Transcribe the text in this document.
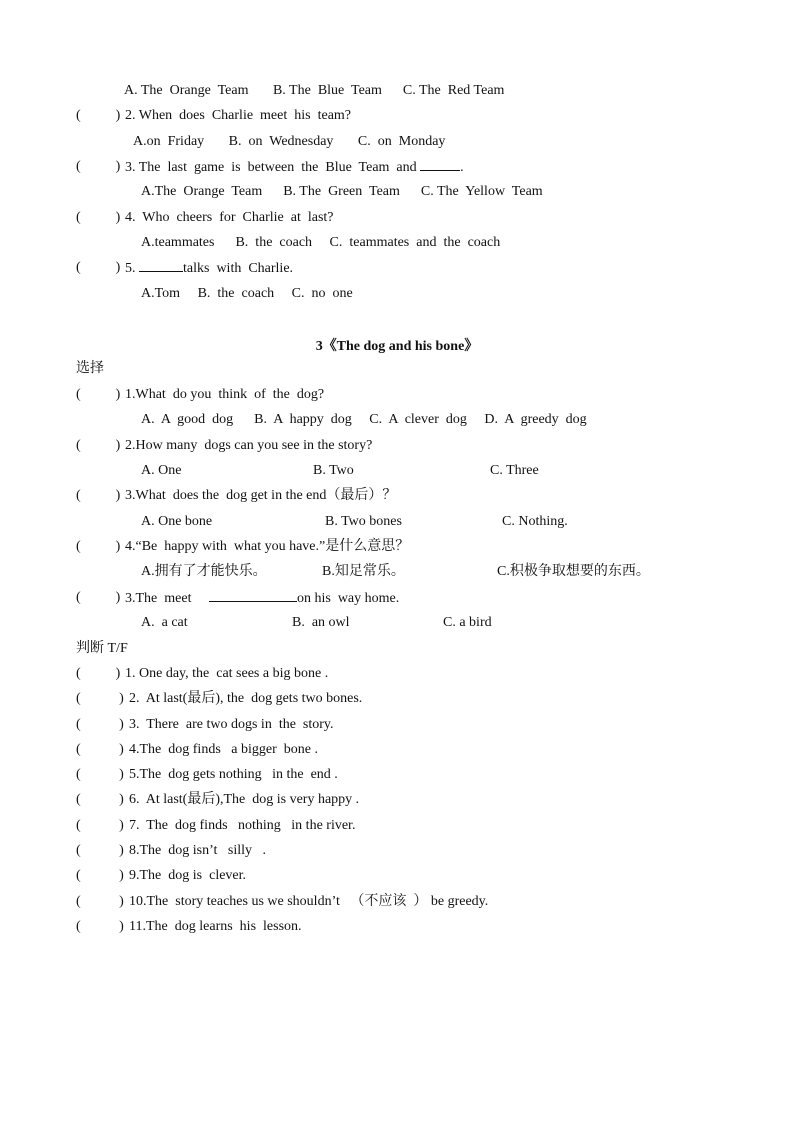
A. The  Orange  Team       B. The  Blue  Team      C. The  Red Team
(          ) 2. When  does  Charlie  meet  his  team?
A.on  Friday       B.  on  Wednesday       C.  on  Monday
(          ) 3. The  last  game  is  between  the  Blue  Team  and	.
A.The  Orange  Team      B. The  Green  Team      C. The  Yellow  Team
(          ) 4.  Who  cheers  for  Charlie  at  last?
A.teammates      B.  the  coach     C.  teammates  and  the  coach
(          ) 5.	talks  with  Charlie.
A.Tom     B.  the  coach     C.  no  one
3《The dog and his bone》
选择
(          ) 1.What  do you  think  of  the  dog?
A.  A  good  dog      B.  A  happy  dog     C.  A  clever  dog     D.  A  greedy  dog
(          ) 2.How many  dogs can you see in the story?
A. One	B. Two	C. Three
(          ) 3.What  does the  dog get in the end（最后）？
A. One bone	B. Two bones	C. Nothing.
(          ) 4.“Be  happy with  what you have.”是什么意思？
A.拥有了才能快乐。	B.知足常乐。	C.积极争取想要的东西。
(          ) 3.The  meet	on his  way home.
A.  a cat	B.  an owl	C. a bird
判断 T/F
(          ) 1. One day, the  cat sees a big bone .
(           ) 2.  At last(最后), the  dog gets two bones.
(           ) 3.  There  are two dogs in  the  story.
(           ) 4.The  dog finds   a bigger  bone .
(           ) 5.The  dog gets nothing   in the  end .
(           ) 6.  At last(最后),The  dog is very happy .
(           ) 7.  The  dog finds   nothing   in the river.
(           ) 8.The  dog isn’t   silly   .
(           ) 9.The  dog is  clever.
(           ) 10.The  story teaches us we shouldn’t   （不应该  ） be greedy.
(           ) 11.The  dog learns  his  lesson.
